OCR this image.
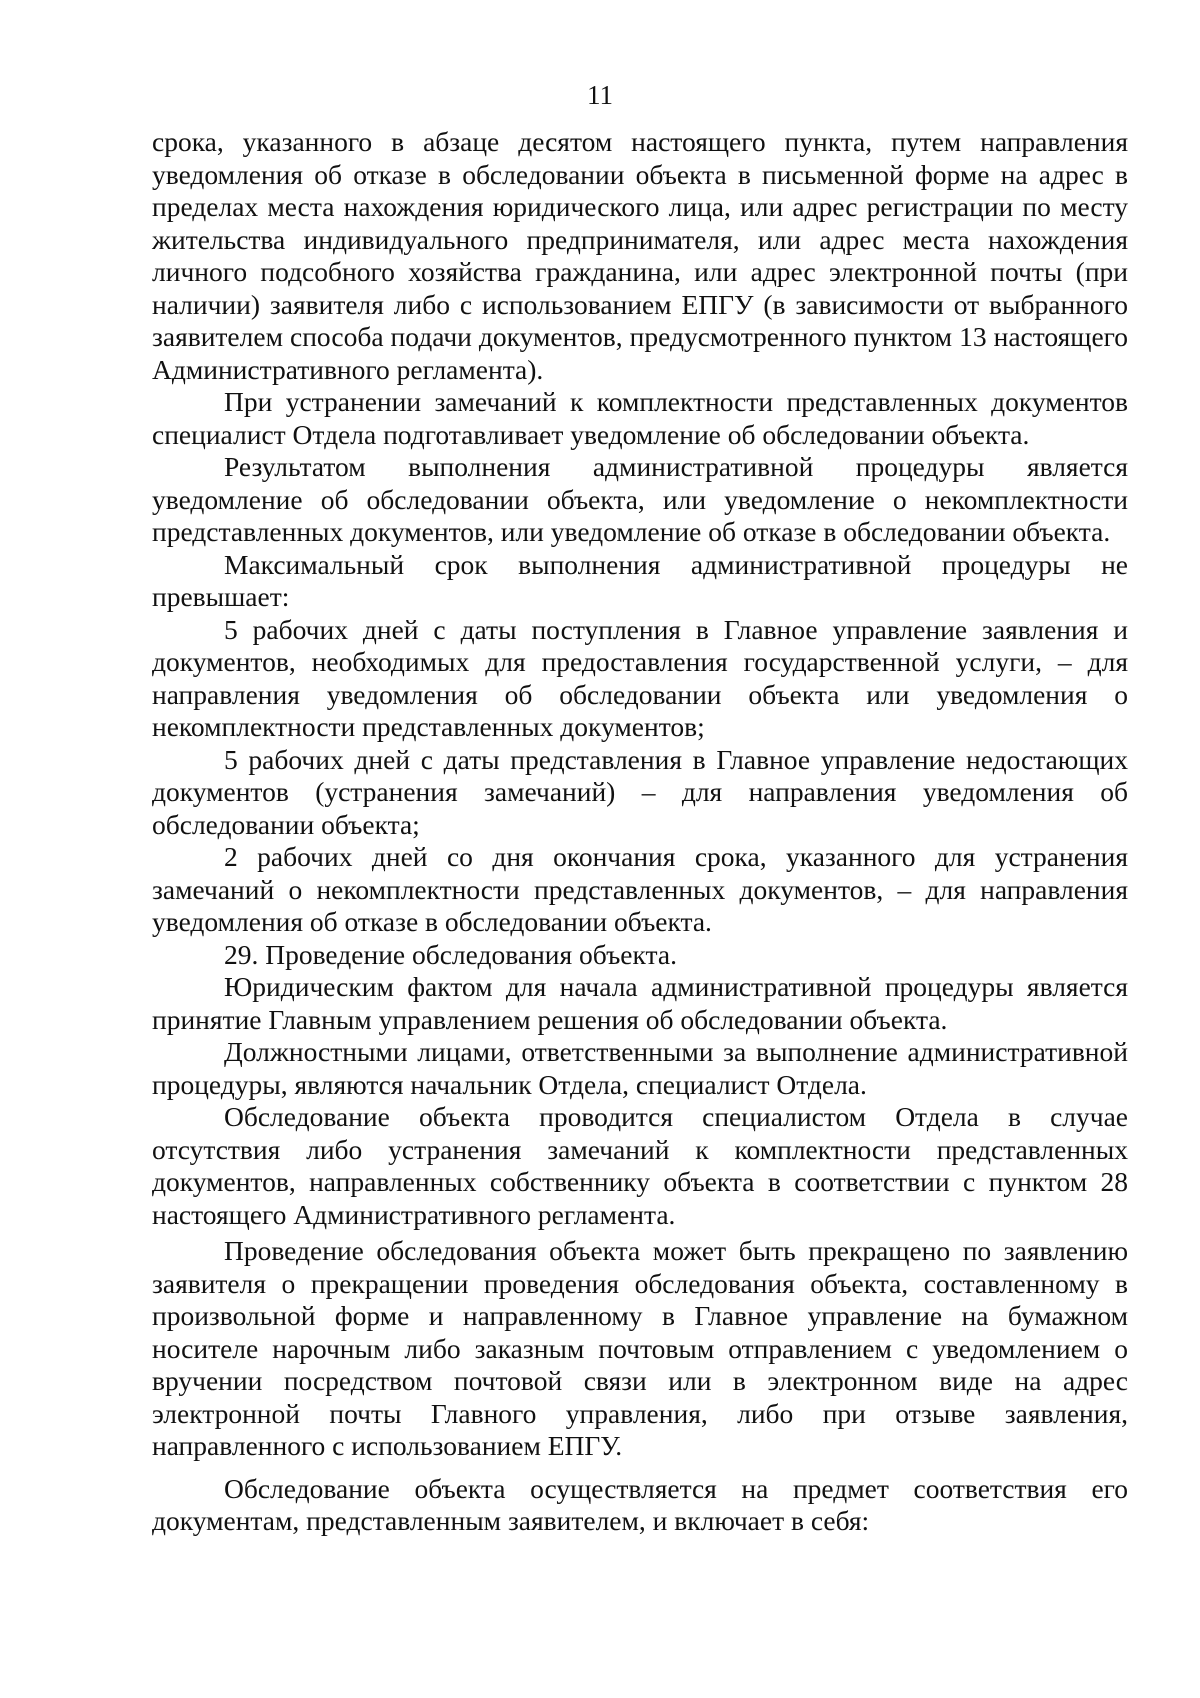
11

срока, указанного в абзаце десятом настоящего пункта, путем направления уведомления об отказе в обследовании объекта в письменной форме на адрес в пределах места нахождения юридического лица, или адрес регистрации по месту жительства индивидуального предпринимателя, или адрес места нахождения личного подсобного хозяйства гражданина, или адрес электронной почты (при наличии) заявителя либо с использованием ЕПГУ (в зависимости от выбранного заявителем способа подачи документов, предусмотренного пунктом 13 настоящего Административного регламента).

При устранении замечаний к комплектности представленных документов специалист Отдела подготавливает уведомление об обследовании объекта.

Результатом выполнения административной процедуры является уведомление об обследовании объекта, или уведомление о некомплектности представленных документов, или уведомление об отказе в обследовании объекта.

Максимальный срок выполнения административной процедуры не превышает:

5 рабочих дней с даты поступления в Главное управление заявления и документов, необходимых для предоставления государственной услуги, – для направления уведомления об обследовании объекта или уведомления о некомплектности представленных документов;

5 рабочих дней с даты представления в Главное управление недостающих документов (устранения замечаний) – для направления уведомления об обследовании объекта;

2 рабочих дней со дня окончания срока, указанного для устранения замечаний о некомплектности представленных документов, – для направления уведомления об отказе в обследовании объекта.

29. Проведение обследования объекта.

Юридическим фактом для начала административной процедуры является принятие Главным управлением решения об обследовании объекта.

Должностными лицами, ответственными за выполнение административной процедуры, являются начальник Отдела, специалист Отдела.

Обследование объекта проводится специалистом Отдела в случае отсутствия либо устранения замечаний к комплектности представленных документов, направленных собственнику объекта в соответствии с пунктом 28 настоящего Административного регламента.

Проведение обследования объекта может быть прекращено по заявлению заявителя о прекращении проведения обследования объекта, составленному в произвольной форме и направленному в Главное управление на бумажном носителе нарочным либо заказным почтовым отправлением с уведомлением о вручении посредством почтовой связи или в электронном виде на адрес электронной почты Главного управления, либо при отзыве заявления, направленного с использованием ЕПГУ.

Обследование объекта осуществляется на предмет соответствия его документам, представленным заявителем, и включает в себя:
